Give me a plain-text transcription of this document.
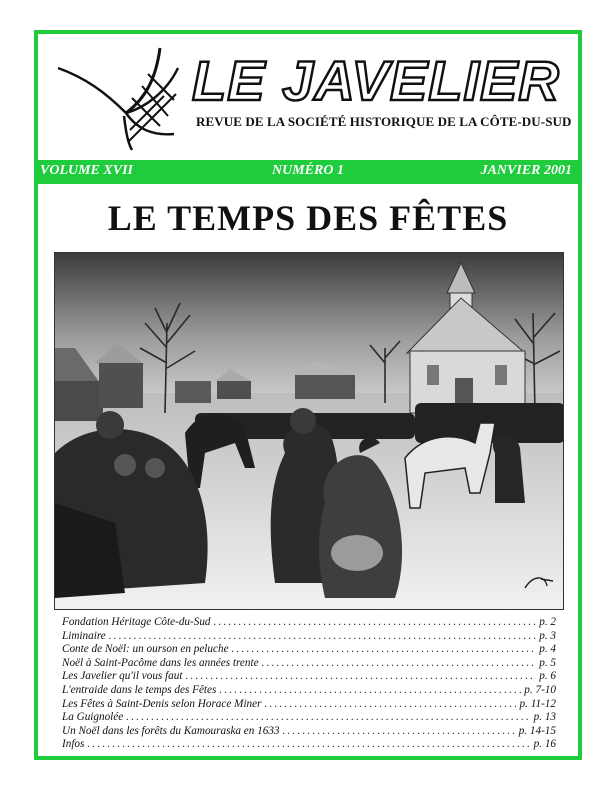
LE JAVELIER
REVUE DE LA SOCIÉTÉ HISTORIQUE DE LA CÔTE-DU-SUD
VOLUME XVII	NUMÉRO 1	JANVIER 2001
LE TEMPS DES FÊTES
Fondation Héritage Côte-du-Sud .....	p. 2
Liminaire .....	p. 3
Conte de Noël: un ourson en peluche .....	p. 4
Noël à Saint-Pacôme dans les années trente .....	p. 5
Les Javelier qu'il vous faut .....	p. 6
L'entraide dans le temps des Fêtes .....	p. 7-10
Les Fêtes à Saint-Denis selon Horace Miner .....	p. 11-12
La Guignolée .....	p. 13
Un Noël dans les forêts du Kamouraska en 1633 .....	p. 14-15
Infos .....	p. 16
